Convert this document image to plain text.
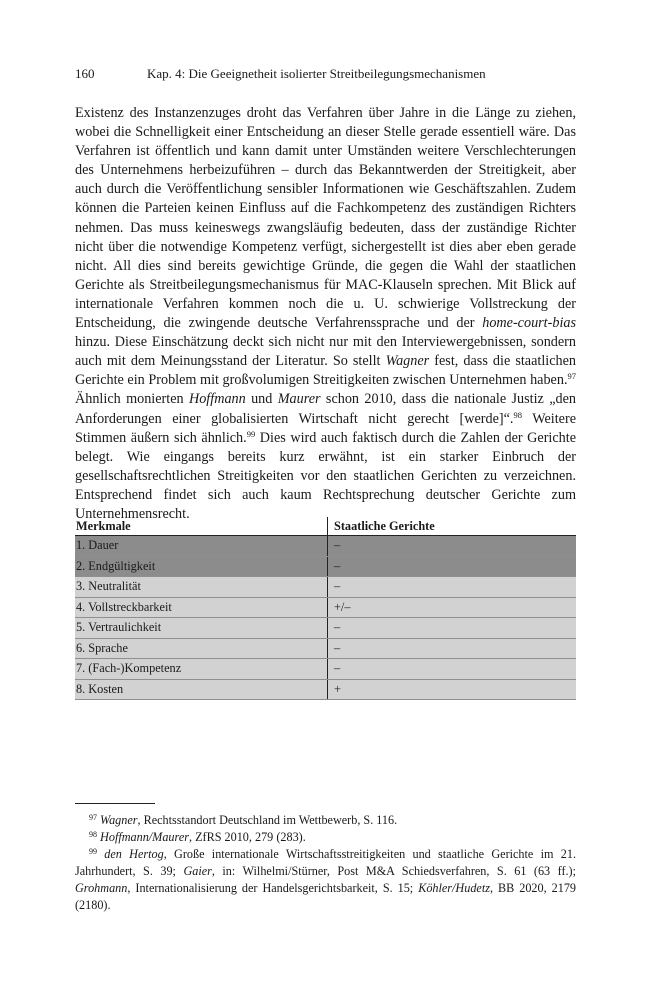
160	Kap. 4: Die Geeignetheit isolierter Streitbeilegungsmechanismen

Existenz des Instanzenzuges droht das Verfahren über Jahre in die Länge zu ziehen, wobei die Schnelligkeit einer Entscheidung an dieser Stelle gerade essentiell wäre. Das Verfahren ist öffentlich und kann damit unter Umständen weitere Verschlechterungen des Unternehmens herbeizuführen – durch das Bekanntwerden der Streitigkeit, aber auch durch die Veröffentlichung sensibler Informationen wie Geschäftszahlen. Zudem können die Parteien keinen Einfluss auf die Fachkompetenz des zuständigen Richters nehmen. Das muss keineswegs zwangsläufig bedeuten, dass der zuständige Richter nicht über die notwendige Kompetenz verfügt, sichergestellt ist dies aber eben gerade nicht. All dies sind bereits gewichtige Gründe, die gegen die Wahl der staatlichen Gerichte als Streitbeilegungsmechanismus für MAC-Klauseln sprechen. Mit Blick auf internationale Verfahren kommen noch die u. U. schwierige Vollstreckung der Entscheidung, die zwingende deutsche Verfahrenssprache und der home-court-bias hinzu. Diese Einschätzung deckt sich nicht nur mit den Interviewergebnissen, sondern auch mit dem Meinungsstand der Literatur. So stellt Wagner fest, dass die staatlichen Gerichte ein Problem mit großvolumigen Streitigkeiten zwischen Unternehmen haben.$^{97}$ Ähnlich monierten Hoffmann und Maurer schon 2010, dass die nationale Justiz „den Anforderungen einer globalisierten Wirtschaft nicht gerecht [werde]“.$^{98}$ Weitere Stimmen äußern sich ähnlich.$^{99}$ Dies wird auch faktisch durch die Zahlen der Gerichte belegt. Wie eingangs bereits kurz erwähnt, ist ein starker Einbruch der gesellschaftsrechtlichen Streitigkeiten vor den staatlichen Gerichten zu verzeichnen. Entsprechend findet sich auch kaum Rechtsprechung deutscher Gerichte zum Unternehmensrecht.

Merkmale	Staatliche Gerichte
1. Dauer	–
2. Endgültigkeit	–
3. Neutralität	–
4. Vollstreckbarkeit	+/–
5. Vertraulichkeit	–
6. Sprache	–
7. (Fach-)Kompetenz	–
8. Kosten	+

$^{97}$ Wagner, Rechtsstandort Deutschland im Wettbewerb, S. 116.

$^{98}$ Hoffmann/Maurer, ZfRS 2010, 279 (283).

$^{99}$ den Hertog, Große internationale Wirtschaftsstreitigkeiten und staatliche Gerichte im 21. Jahrhundert, S. 39; Gaier, in: Wilhelmi/Stürner, Post M&A Schiedsverfahren, S. 61 (63 ff.); Grohmann, Internationalisierung der Handelsgerichtsbarkeit, S. 15; Köhler/Hudetz, BB 2020, 2179 (2180).
